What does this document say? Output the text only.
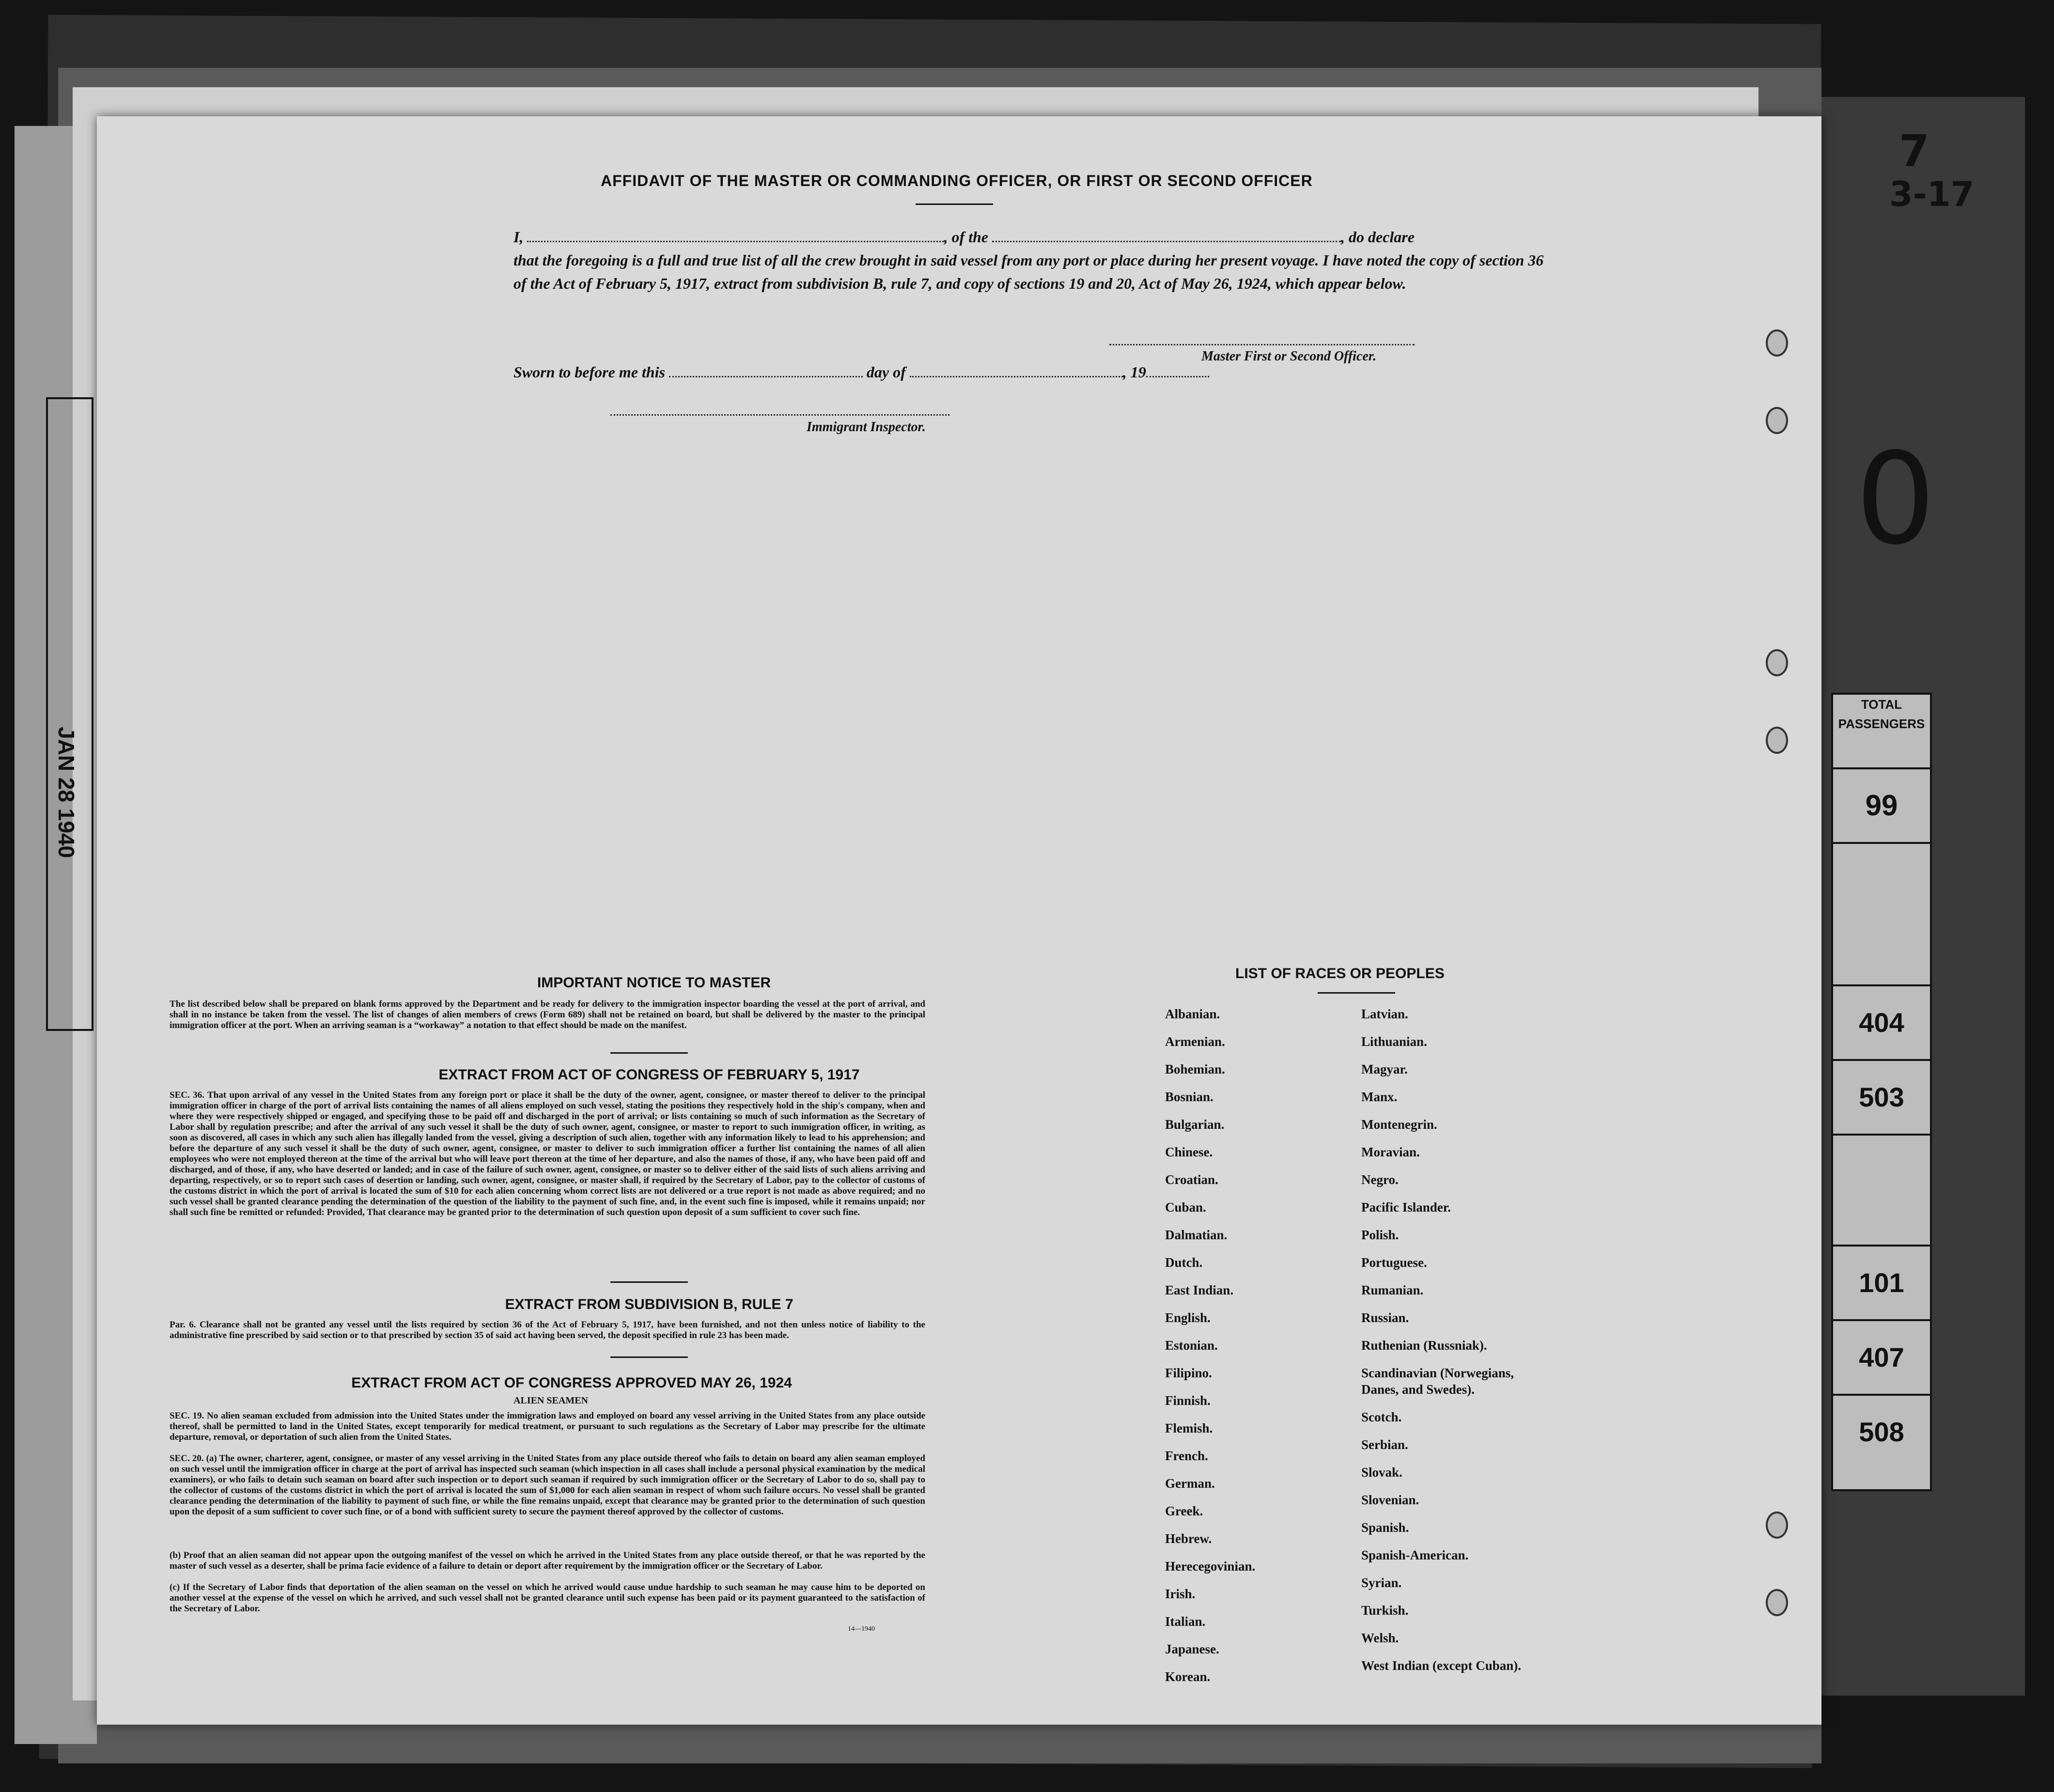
TOTAL PASSENGERS
99
404
503
101
407
508
7
3-17
0
AFFIDAVIT OF THE MASTER OR COMMANDING OFFICER, OR FIRST OR SECOND OFFICER
I,	, of the	, do declare
that the foregoing is a full and true list of all the crew brought in said vessel from any port or place during her present voyage. I have noted the copy of section 36 of the Act of February 5, 1917, extract from subdivision B, rule 7, and copy of sections 19 and 20, Act of May 26, 1924, which appear below.
Master First or Second Officer.
Sworn to before me this	day of	, 19
Immigrant Inspector.
IMPORTANT NOTICE TO MASTER
The list described below shall be prepared on blank forms approved by the Department and be ready for delivery to the immigration inspector boarding the vessel at the port of arrival, and shall in no instance be taken from the vessel. The list of changes of alien members of crews (Form 689) shall not be retained on board, but shall be delivered by the master to the principal immigration officer at the port. When an arriving seaman is a “workaway” a notation to that effect should be made on the manifest.
EXTRACT FROM ACT OF CONGRESS OF FEBRUARY 5, 1917
SEC. 36. That upon arrival of any vessel in the United States from any foreign port or place it shall be the duty of the owner, agent, consignee, or master thereof to deliver to the principal immigration officer in charge of the port of arrival lists containing the names of all aliens employed on such vessel, stating the positions they respectively hold in the ship's company, when and where they were respectively shipped or engaged, and specifying those to be paid off and discharged in the port of arrival; or lists containing so much of such information as the Secretary of Labor shall by regulation prescribe; and after the arrival of any such vessel it shall be the duty of such owner, agent, consignee, or master to report to such immigration officer, in writing, as soon as discovered, all cases in which any such alien has illegally landed from the vessel, giving a description of such alien, together with any information likely to lead to his apprehension; and before the departure of any such vessel it shall be the duty of such owner, agent, consignee, or master to deliver to such immigration officer a further list containing the names of all alien employees who were not employed thereon at the time of the arrival but who will leave port thereon at the time of her departure, and also the names of those, if any, who have been paid off and discharged, and of those, if any, who have deserted or landed; and in case of the failure of such owner, agent, consignee, or master so to deliver either of the said lists of such aliens arriving and departing, respectively, or so to report such cases of desertion or landing, such owner, agent, consignee, or master shall, if required by the Secretary of Labor, pay to the collector of customs of the customs district in which the port of arrival is located the sum of $10 for each alien concerning whom correct lists are not delivered or a true report is not made as above required; and no such vessel shall be granted clearance pending the determination of the question of the liability to the payment of such fine, and, in the event such fine is imposed, while it remains unpaid; nor shall such fine be remitted or refunded: Provided, That clearance may be granted prior to the determination of such question upon deposit of a sum sufficient to cover such fine.
EXTRACT FROM SUBDIVISION B, RULE 7
Par. 6. Clearance shall not be granted any vessel until the lists required by section 36 of the Act of February 5, 1917, have been furnished, and not then unless notice of liability to the administrative fine prescribed by said section or to that prescribed by section 35 of said act having been served, the deposit specified in rule 23 has been made.
EXTRACT FROM ACT OF CONGRESS APPROVED MAY 26, 1924
ALIEN SEAMEN
SEC. 19. No alien seaman excluded from admission into the United States under the immigration laws and employed on board any vessel arriving in the United States from any place outside thereof, shall be permitted to land in the United States, except temporarily for medical treatment, or pursuant to such regulations as the Secretary of Labor may prescribe for the ultimate departure, removal, or deportation of such alien from the United States.
SEC. 20. (a) The owner, charterer, agent, consignee, or master of any vessel arriving in the United States from any place outside thereof who fails to detain on board any alien seaman employed on such vessel until the immigration officer in charge at the port of arrival has inspected such seaman (which inspection in all cases shall include a personal physical examination by the medical examiners), or who fails to detain such seaman on board after such inspection or to deport such seaman if required by such immigration officer or the Secretary of Labor to do so, shall pay to the collector of customs of the customs district in which the port of arrival is located the sum of $1,000 for each alien seaman in respect of whom such failure occurs. No vessel shall be granted clearance pending the determination of the liability to payment of such fine, or while the fine remains unpaid, except that clearance may be granted prior to the determination of such question upon the deposit of a sum sufficient to cover such fine, or of a bond with sufficient surety to secure the payment thereof approved by the collector of customs.
(b) Proof that an alien seaman did not appear upon the outgoing manifest of the vessel on which he arrived in the United States from any place outside thereof, or that he was reported by the master of such vessel as a deserter, shall be prima facie evidence of a failure to detain or deport after requirement by the immigration officer or the Secretary of Labor.
(c) If the Secretary of Labor finds that deportation of the alien seaman on the vessel on which he arrived would cause undue hardship to such seaman he may cause him to be deported on another vessel at the expense of the vessel on which he arrived, and such vessel shall not be granted clearance until such expense has been paid or its payment guaranteed to the satisfaction of the Secretary of Labor.
14—1940
LIST OF RACES OR PEOPLES
Albanian.
Armenian.
Bohemian.
Bosnian.
Bulgarian.
Chinese.
Croatian.
Cuban.
Dalmatian.
Dutch.
East Indian.
English.
Estonian.
Filipino.
Finnish.
Flemish.
French.
German.
Greek.
Hebrew.
Herecegovinian.
Irish.
Italian.
Japanese.
Korean.
Latvian.
Lithuanian.
Magyar.
Manx.
Montenegrin.
Moravian.
Negro.
Pacific Islander.
Polish.
Portuguese.
Rumanian.
Russian.
Ruthenian (Russniak).
Scandinavian (Norwegians,
Danes, and Swedes).
Scotch.
Serbian.
Slovak.
Slovenian.
Spanish.
Spanish-American.
Syrian.
Turkish.
Welsh.
West Indian (except Cuban).
JAN 28 1940
